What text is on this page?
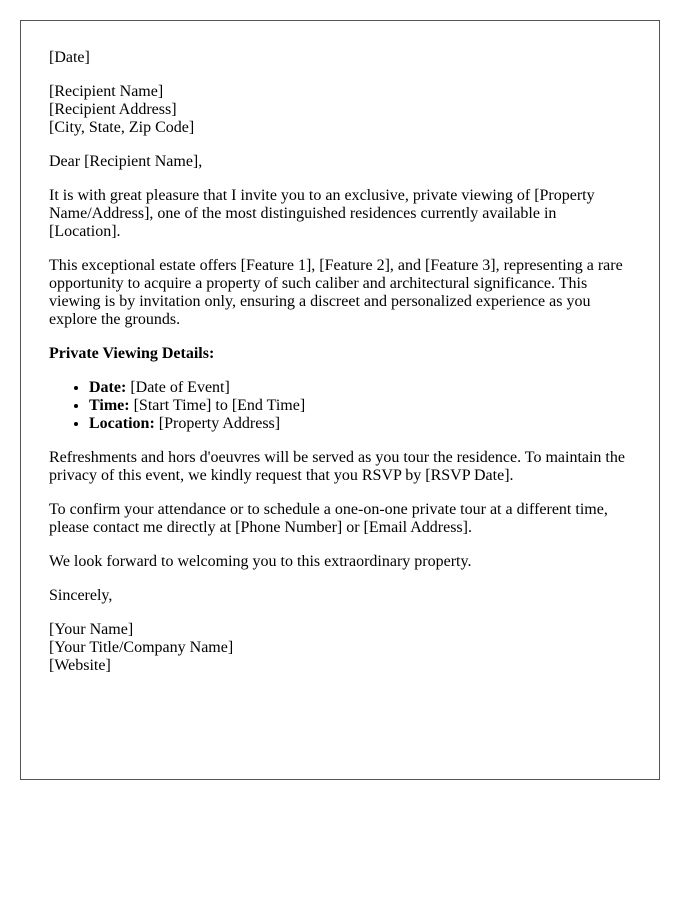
[Date]

[Recipient Name]
[Recipient Address]
[City, State, Zip Code]

Dear [Recipient Name],

It is with great pleasure that I invite you to an exclusive, private viewing of [Property Name/Address], one of the most distinguished residences currently available in [Location].

This exceptional estate offers [Feature 1], [Feature 2], and [Feature 3], representing a rare opportunity to acquire a property of such caliber and architectural significance. This viewing is by invitation only, ensuring a discreet and personalized experience as you explore the grounds.

Private Viewing Details:

• Date: [Date of Event]
• Time: [Start Time] to [End Time]
• Location: [Property Address]

Refreshments and hors d'oeuvres will be served as you tour the residence. To maintain the privacy of this event, we kindly request that you RSVP by [RSVP Date].

To confirm your attendance or to schedule a one-on-one private tour at a different time, please contact me directly at [Phone Number] or [Email Address].

We look forward to welcoming you to this extraordinary property.

Sincerely,

[Your Name]
[Your Title/Company Name]
[Website]
